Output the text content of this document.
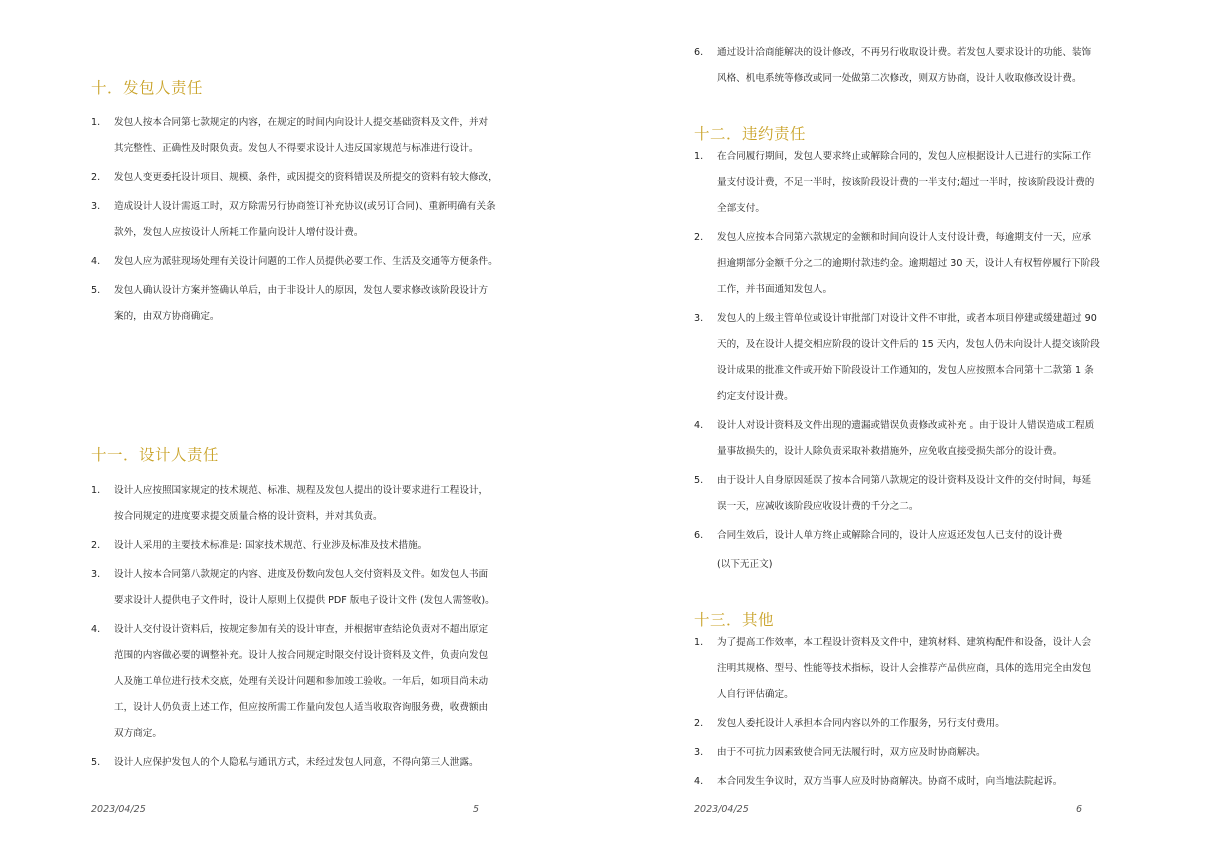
十．发包人责任
1. 发包人按本合同第七款规定的内容，在规定的时间内向设计人提交基础资料及文件，并对
其完整性、正确性及时限负责。发包人不得要求设计人违反国家规范与标准进行设计。
2. 发包人变更委托设计项目、规模、条件，或因提交的资料错误及所提交的资料有较大修改，
3. 造成设计人设计需返工时，双方除需另行协商签订补充协议(或另订合同)、重新明确有关条
款外，发包人应按设计人所耗工作量向设计人增付设计费。
4. 发包人应为派驻现场处理有关设计问题的工作人员提供必要工作、生活及交通等方便条件。
5. 发包人确认设计方案并签确认单后，由于非设计人的原因，发包人要求修改该阶段设计方
案的，由双方协商确定。
十一．设计人责任
1. 设计人应按照国家规定的技术规范、标准、规程及发包人提出的设计要求进行工程设计，
按合同规定的进度要求提交质量合格的设计资料，并对其负责。
2. 设计人采用的主要技术标准是: 国家技术规范、行业涉及标准及技术措施。
3. 设计人按本合同第八款规定的内容、进度及份数向发包人交付资料及文件。如发包人书面
要求设计人提供电子文件时，设计人原则上仅提供 PDF 版电子设计文件 (发包人需签收)。
4. 设计人交付设计资料后，按规定参加有关的设计审查，并根据审查结论负责对不超出原定
范围的内容做必要的调整补充。设计人按合同规定时限交付设计资料及文件，负责向发包
人及施工单位进行技术交底，处理有关设计问题和参加竣工验收。一年后，如项目尚未动
工，设计人仍负责上述工作，但应按所需工作量向发包人适当收取咨询服务费，收费额由
双方商定。
5. 设计人应保护发包人的个人隐私与通讯方式，未经过发包人同意，不得向第三人泄露。
2023/04/25	5
6. 通过设计洽商能解决的设计修改，不再另行收取设计费。若发包人要求设计的功能、装饰
风格、机电系统等修改或同一处做第二次修改，则双方协商，设计人收取修改设计费。
十二．违约责任
1. 在合同履行期间，发包人要求终止或解除合同的，发包人应根据设计人已进行的实际工作
量支付设计费，不足一半时，按该阶段设计费的一半支付;超过一半时，按该阶段设计费的
全部支付。
2. 发包人应按本合同第六款规定的金额和时间向设计人支付设计费，每逾期支付一天，应承
担逾期部分金额千分之二的逾期付款违约金。逾期超过 30 天，设计人有权暂停履行下阶段
工作，并书面通知发包人。
3. 发包人的上级主管单位或设计审批部门对设计文件不审批，或者本项目停建或缓建超过 90
天的，及在设计人提交相应阶段的设计文件后的 15 天内，发包人仍未向设计人提交该阶段
设计成果的批准文件或开始下阶段设计工作通知的，发包人应按照本合同第十二款第 1 条
约定支付设计费。
4. 设计人对设计资料及文件出现的遗漏或错误负责修改或补充 。由于设计人错误造成工程质
量事故损失的，设计人除负责采取补救措施外，应免收直接受损失部分的设计费。
5. 由于设计人自身原因延误了按本合同第八款规定的设计资料及设计文件的交付时间，每延
误一天，应减收该阶段应收设计费的千分之二。
6. 合同生效后，设计人单方终止或解除合同的，设计人应返还发包人已支付的设计费
(以下无正文)
十三．其他
1. 为了提高工作效率，本工程设计资料及文件中，建筑材料、建筑构配件和设备，设计人会
注明其规格、型号、性能等技术指标，设计人会推荐产品供应商，具体的选用完全由发包
人自行评估确定。
2. 发包人委托设计人承担本合同内容以外的工作服务，另行支付费用。
3. 由于不可抗力因素致使合同无法履行时，双方应及时协商解决。
4. 本合同发生争议时，双方当事人应及时协商解决。协商不成时，向当地法院起诉。
2023/04/25	6
